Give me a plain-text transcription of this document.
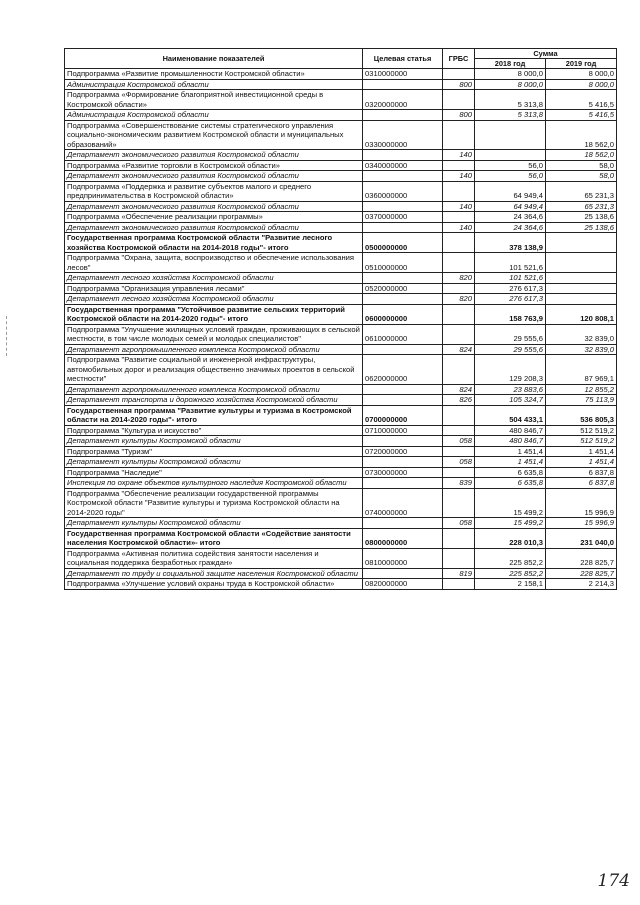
Наименование показателей	Целевая статья	ГРБС	Сумма	
			2018 год	2019 год
Подпрограмма «Развитие промышленности Костромской области»	0310000000		8 000,0	8 000,0
Администрация Костромской области		800	8 000,0	8 000,0
Подпрограмма «Формирование благоприятной инвестиционной среды в Костромской области»	0320000000		5 313,8	5 416,5
Администрация Костромской области		800	5 313,8	5 416,5
Подпрограмма «Совершенствование системы стратегического управления социально-экономическим развитием Костромской области и муниципальных образований»	0330000000			18 562,0
Департамент экономического развития Костромской области		140		18 562,0
Подпрограмма «Развитие торговли в Костромской области»	0340000000		56,0	58,0
Департамент экономического развития Костромской области		140	56,0	58,0
Подпрограмма «Поддержка и развитие субъектов малого и среднего предпринимательства в Костромской области»	0360000000		64 949,4	65 231,3
Департамент экономического развития Костромской области		140	64 949,4	65 231,3
Подпрограмма «Обеспечение реализации программы»	0370000000		24 364,6	25 138,6
Департамент экономического развития Костромской области		140	24 364,6	25 138,6
Государственная программа Костромской области "Развитие лесного хозяйства Костромской области на 2014-2018 годы"- итого	0500000000		378 138,9	
Подпрограмма "Охрана, защита, воспроизводство и обеспечение использования лесов"	0510000000		101 521,6	
Департамент лесного хозяйства Костромской области		820	101 521,6	
Подпрограмма "Организация управления лесами"	0520000000		276 617,3	
Департамент лесного хозяйства Костромской области		820	276 617,3	
Государственная программа "Устойчивое развитие сельских территорий Костромской области на 2014-2020 годы"- итого	0600000000		158 763,9	120 808,1
Подпрограмма "Улучшение жилищных условий граждан, проживающих в сельской местности, в том числе молодых семей и молодых специалистов"	0610000000		29 555,6	32 839,0
Департамент агропромышленного комплекса Костромской области		824	29 555,6	32 839,0
Подпрограмма "Развитие социальной и инженерной инфраструктуры, автомобильных дорог и реализация общественно значимых проектов в сельской местности"	0620000000		129 208,3	87 969,1
Департамент агропромышленного комплекса Костромской области		824	23 883,6	12 855,2
Департамент транспорта и дорожного хозяйства Костромской области		826	105 324,7	75 113,9
Государственная программа "Развитие культуры и туризма в Костромской области на 2014-2020 годы"- итого	0700000000		504 433,1	536 805,3
Подпрограмма "Культура и искусство"	0710000000		480 846,7	512 519,2
Департамент культуры Костромской области		058	480 846,7	512 519,2
Подпрограмма "Туризм"	0720000000		1 451,4	1 451,4
Департамент культуры Костромской области		058	1 451,4	1 451,4
Подпрограмма "Наследие"	0730000000		6 635,8	6 837,8
Инспекция по охране объектов культурного наследия Костромской области		839	6 635,8	6 837,8
Подпрограмма "Обеспечение реализации государственной программы Костромской области "Развитие культуры и туризма Костромской области на 2014-2020 годы"	0740000000		15 499,2	15 996,9
Департамент культуры Костромской области		058	15 499,2	15 996,9
Государственная программа Костромской области «Содействие занятости населения Костромской области»- итого	0800000000		228 010,3	231 040,0
Подпрограмма «Активная политика содействия занятости населения и социальная поддержка безработных граждан»	0810000000		225 852,2	228 825,7
Департамент по труду и социальной защите населения Костромской области		819	225 852,2	228 825,7
Подпрограмма «Улучшение условий охраны труда в Костромской области»	0820000000		2 158,1	2 214,3
174
